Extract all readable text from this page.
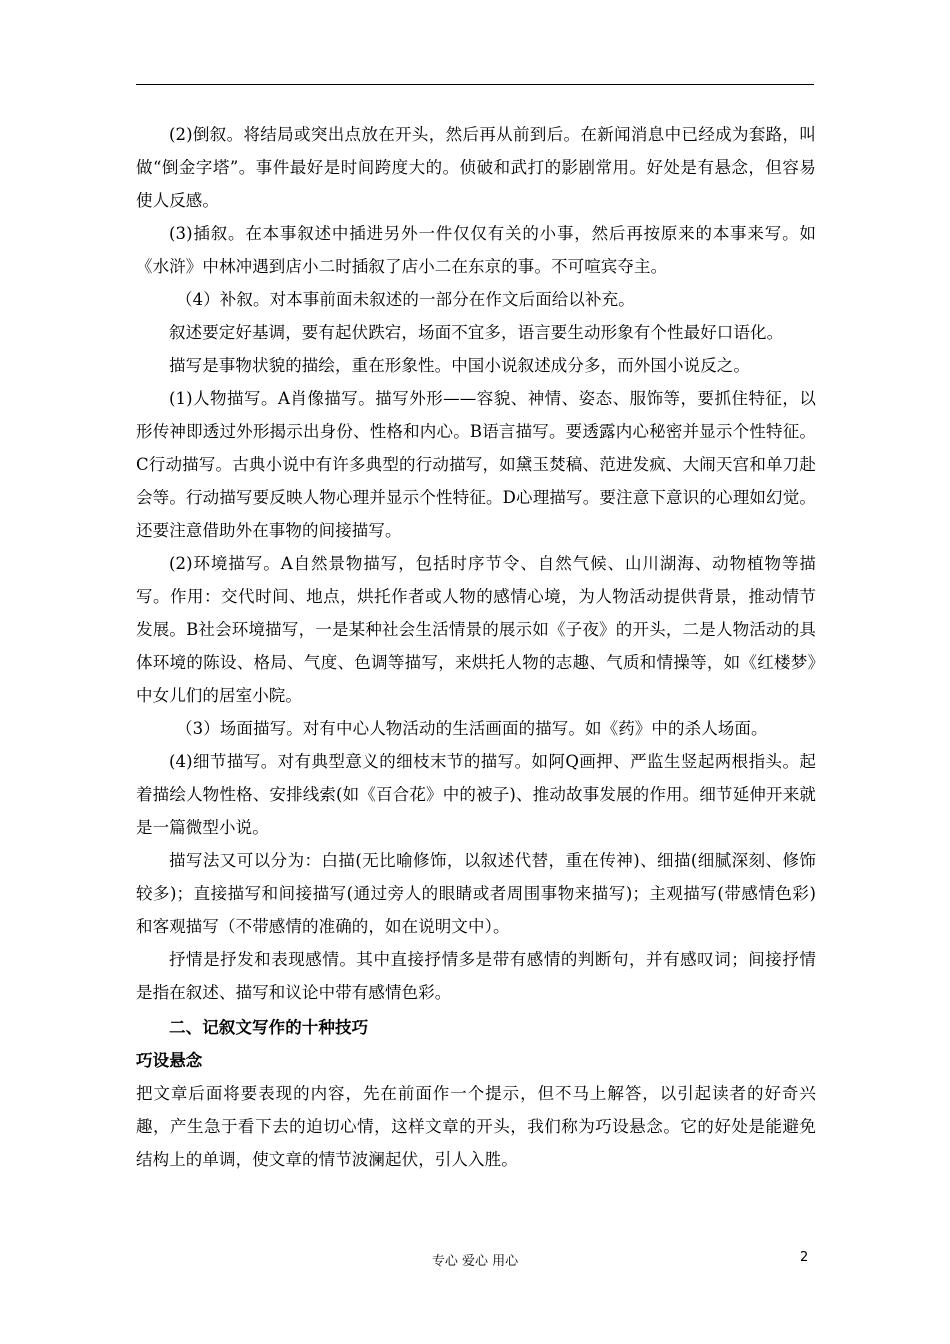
(2)倒叙。将结局或突出点放在开头，然后再从前到后。在新闻消息中已经成为套路，叫做“倒金字塔”。事件最好是时间跨度大的。侦破和武打的影剧常用。好处是有悬念，但容易使人反感。

(3)插叙。在本事叙述中插进另外一件仅仅有关的小事，然后再按原来的本事来写。如《水浒》中林冲遇到店小二时插叙了店小二在东京的事。不可喧宾夺主。

（4）补叙。对本事前面未叙述的一部分在作文后面给以补充。

叙述要定好基调，要有起伏跌宕，场面不宜多，语言要生动形象有个性最好口语化。

描写是事物状貌的描绘，重在形象性。中国小说叙述成分多，而外国小说反之。

(1)人物描写。A肖像描写。描写外形——容貌、神情、姿态、服饰等，要抓住特征，以形传神即透过外形揭示出身份、性格和内心。B语言描写。要透露内心秘密并显示个性特征。C行动描写。古典小说中有许多典型的行动描写，如黛玉焚稿、范进发疯、大闹天宫和单刀赴会等。行动描写要反映人物心理并显示个性特征。D心理描写。要注意下意识的心理如幻觉。还要注意借助外在事物的间接描写。

(2)环境描写。A自然景物描写，包括时序节令、自然气候、山川湖海、动物植物等描写。作用：交代时间、地点，烘托作者或人物的感情心境，为人物活动提供背景，推动情节发展。B社会环境描写，一是某种社会生活情景的展示如《子夜》的开头，二是人物活动的具体环境的陈设、格局、气度、色调等描写，来烘托人物的志趣、气质和情操等，如《红楼梦》中女儿们的居室小院。

（3）场面描写。对有中心人物活动的生活画面的描写。如《药》中的杀人场面。

(4)细节描写。对有典型意义的细枝末节的描写。如阿Q画押、严监生竖起两根指头。起着描绘人物性格、安排线索(如《百合花》中的被子)、推动故事发展的作用。细节延伸开来就是一篇微型小说。

描写法又可以分为：白描(无比喻修饰，以叙述代替，重在传神)、细描(细腻深刻、修饰较多)；直接描写和间接描写(通过旁人的眼睛或者周围事物来描写)；主观描写(带感情色彩)和客观描写（不带感情的准确的，如在说明文中）。

抒情是抒发和表现感情。其中直接抒情多是带有感情的判断句，并有感叹词；间接抒情是指在叙述、描写和议论中带有感情色彩。

二、记叙文写作的十种技巧

巧设悬念

把文章后面将要表现的内容，先在前面作一个提示，但不马上解答，以引起读者的好奇兴趣，产生急于看下去的迫切心情，这样文章的开头，我们称为巧设悬念。它的好处是能避免结构上的单调，使文章的情节波澜起伏，引人入胜。

专心 爱心 用心	2
